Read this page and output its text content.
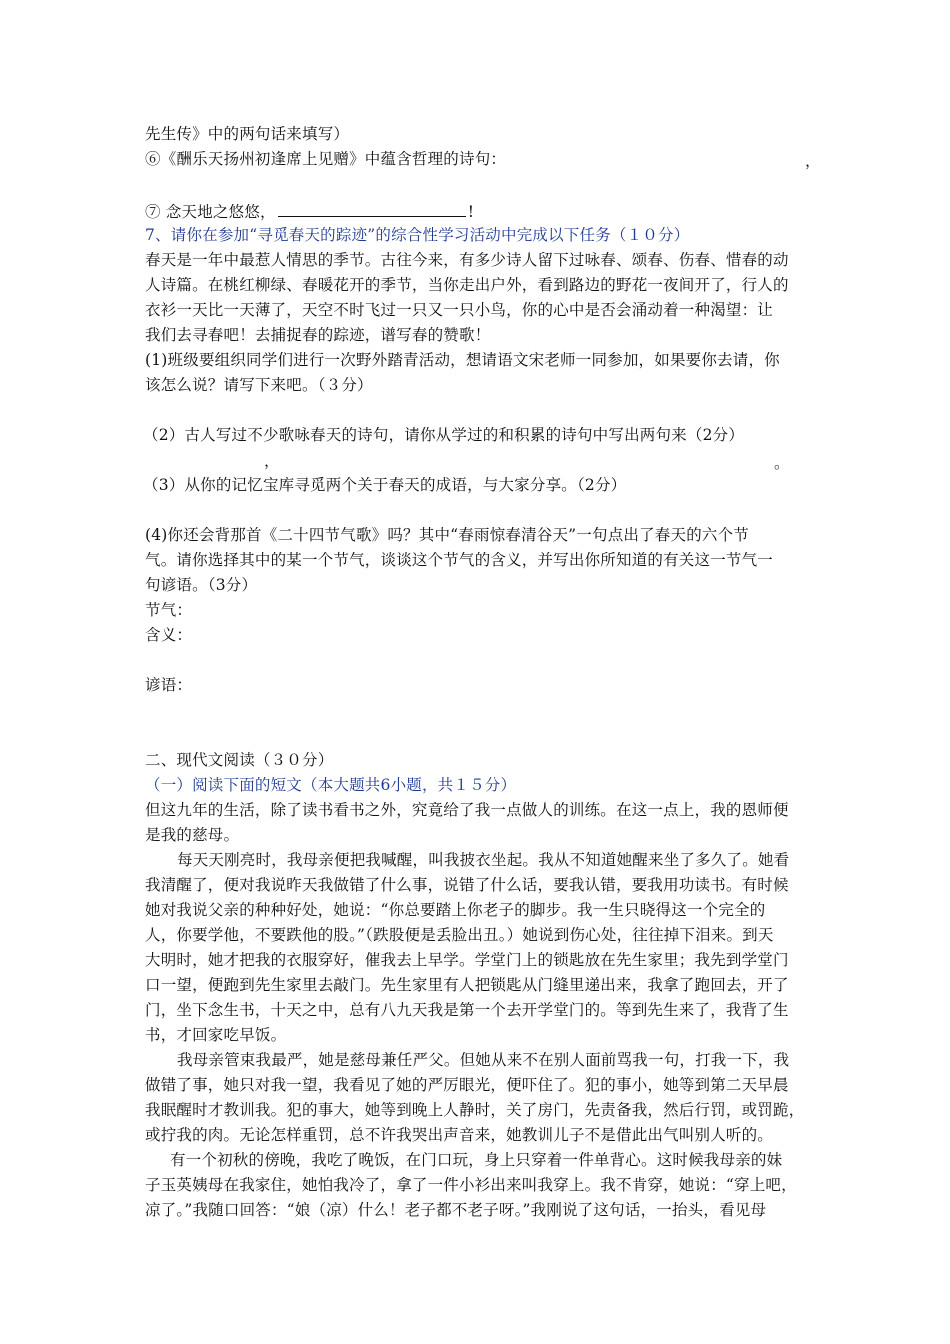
先生传》中的两句话来填写）
⑥《酬乐天扬州初逢席上见赠》中蕴含哲理的诗句：	，
⑦ 念天地之悠悠，	!
7、请你在参加“寻觅春天的踪迹”的综合性学习活动中完成以下任务（１０分）
春天是一年中最惹人情思的季节。古往今来，有多少诗人留下过咏春、颂春、伤春、惜春的动
人诗篇。在桃红柳绿、春暖花开的季节，当你走出户外，看到路边的野花一夜间开了，行人的
衣衫一天比一天薄了，天空不时飞过一只又一只小鸟，你的心中是否会涌动着一种渴望：让
我们去寻春吧！去捕捉春的踪迹，谱写春的赞歌！
(1)班级要组织同学们进行一次野外踏青活动，想请语文宋老师一同参加，如果要你去请，你
该怎么说？请写下来吧。（３分）
（2）古人写过不少歌咏春天的诗句，请你从学过的和积累的诗句中写出两句来（2分）
，	。
（3）从你的记忆宝库寻觅两个关于春天的成语，与大家分享。（2分）
(4)你还会背那首《二十四节气歌》吗？其中“春雨惊春清谷天”一句点出了春天的六个节
气。请你选择其中的某一个节气，谈谈这个节气的含义，并写出你所知道的有关这一节气一
句谚语。（3分）
节气：
含义：
谚语：
二、现代文阅读（３０分）
（一）阅读下面的短文（本大题共6小题，共１５分）
但这九年的生活，除了读书看书之外，究竟给了我一点做人的训练。在这一点上，我的恩师便
是我的慈母。
每天天刚亮时，我母亲便把我喊醒，叫我披衣坐起。我从不知道她醒来坐了多久了。她看
我清醒了，便对我说昨天我做错了什么事，说错了什么话，要我认错，要我用功读书。有时候
她对我说父亲的种种好处，她说：“你总要踏上你老子的脚步。我一生只晓得这一个完全的
人，你要学他，不要跌他的股。”（跌股便是丢脸出丑。）她说到伤心处，往往掉下泪来。到天
大明时，她才把我的衣服穿好，催我去上早学。学堂门上的锁匙放在先生家里；我先到学堂门
口一望，便跑到先生家里去敲门。先生家里有人把锁匙从门缝里递出来，我拿了跑回去，开了
门，坐下念生书，十天之中，总有八九天我是第一个去开学堂门的。等到先生来了，我背了生
书，才回家吃早饭。
我母亲管束我最严，她是慈母兼任严父。但她从来不在别人面前骂我一句，打我一下，我
做错了事，她只对我一望，我看见了她的严厉眼光，便吓住了。犯的事小，她等到第二天早晨
我眠醒时才教训我。犯的事大，她等到晚上人静时，关了房门，先责备我，然后行罚，或罚跪，
或拧我的肉。无论怎样重罚，总不许我哭出声音来，她教训儿子不是借此出气叫别人听的。
有一个初秋的傍晚，我吃了晚饭，在门口玩，身上只穿着一件单背心。这时候我母亲的妹
子玉英姨母在我家住，她怕我冷了，拿了一件小衫出来叫我穿上。我不肯穿，她说：“穿上吧，
凉了。”我随口回答：“娘（凉）什么！老子都不老子呀。”我刚说了这句话，一抬头，看见母
